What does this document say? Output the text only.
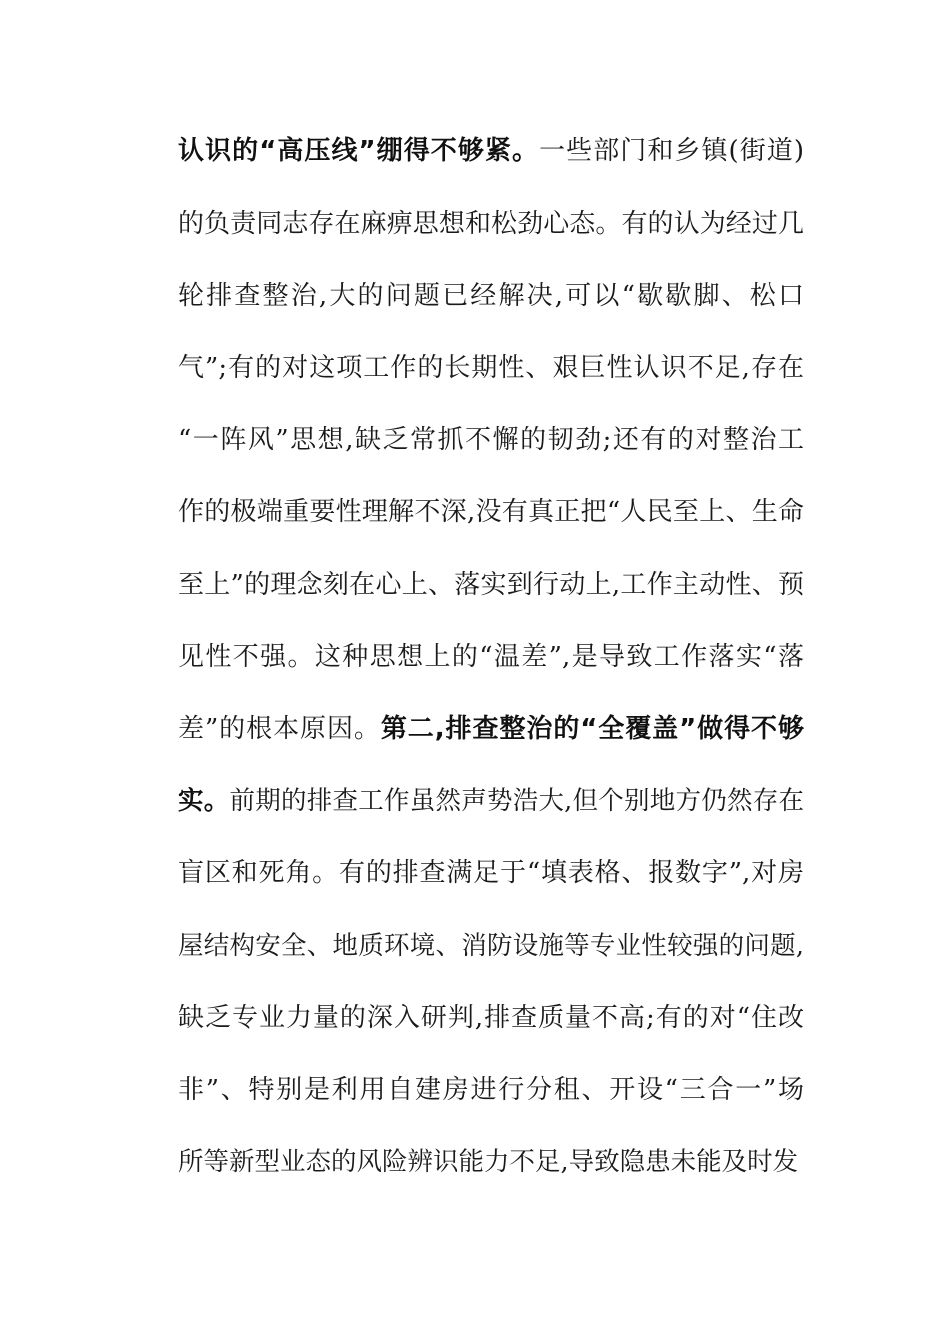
认识的“高压线”绷得不够紧。一些部门和乡镇(街道)
的负责同志存在麻痹思想和松劲心态。有的认为经过几
轮排查整治,大的问题已经解决,可以“歇歇脚、松口
气”;有的对这项工作的长期性、艰巨性认识不足,存在
“一阵风”思想,缺乏常抓不懈的韧劲;还有的对整治工
作的极端重要性理解不深,没有真正把“人民至上、生命
至上”的理念刻在心上、落实到行动上,工作主动性、预
见性不强。这种思想上的“温差”,是导致工作落实“落
差”的根本原因。第二,排查整治的“全覆盖”做得不够
实。前期的排查工作虽然声势浩大,但个别地方仍然存在
盲区和死角。有的排查满足于“填表格、报数字”,对房
屋结构安全、地质环境、消防设施等专业性较强的问题,
缺乏专业力量的深入研判,排查质量不高;有的对“住改
非”、特别是利用自建房进行分租、开设“三合一”场
所等新型业态的风险辨识能力不足,导致隐患未能及时发
